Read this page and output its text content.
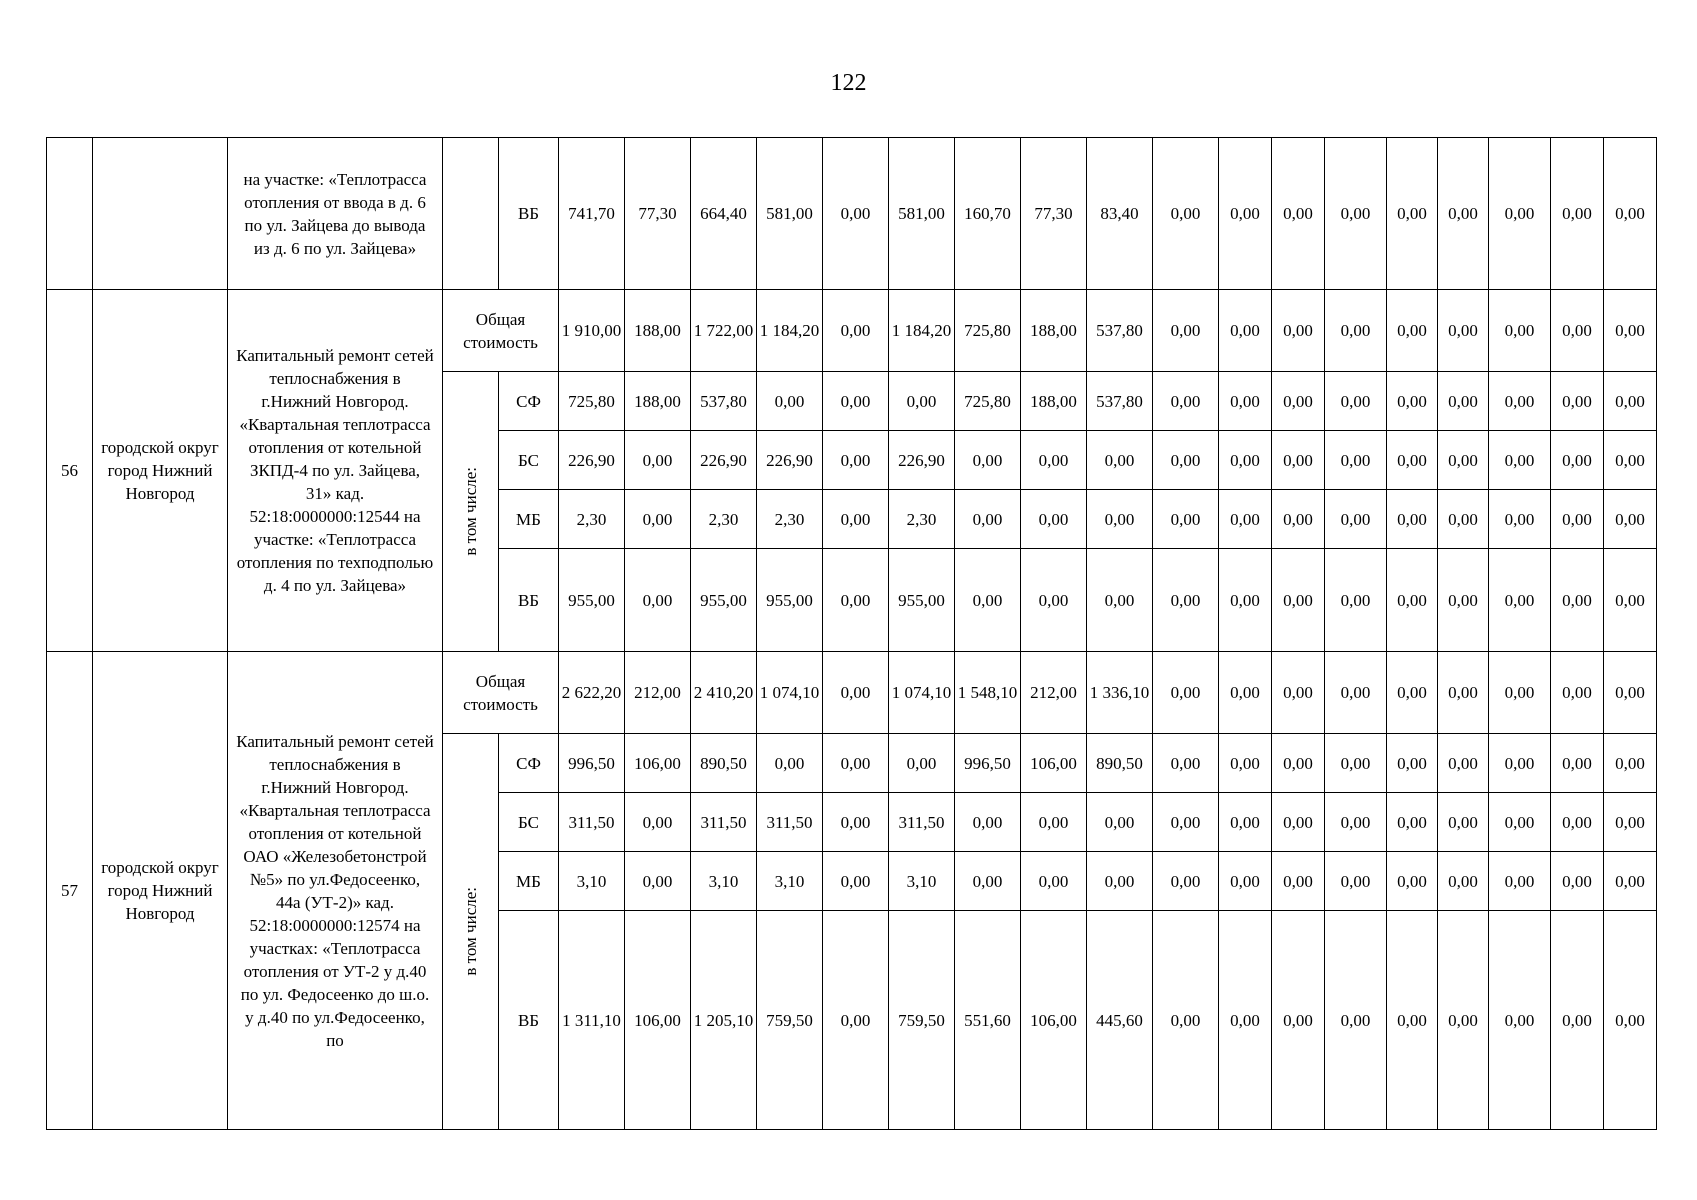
122
		на участке: «Теплотрасса отопления от ввода в д. 6 по ул. Зайцева до вывода из д. 6 по ул. Зайцева»		ВБ	741,70	77,30	664,40	581,00	0,00	581,00	160,70	77,30	83,40	0,00	0,00	0,00	0,00	0,00	0,00	0,00	0,00	0,00
56	городской округ город Нижний Новгород	Капитальный ремонт сетей теплоснабжения в г.Нижний Новгород. «Квартальная теплотрасса отопления от котельной ЗКПД-4 по ул. Зайцева, 31» кад. 52:18:0000000:12544 на участке: «Теплотрасса отопления по техподполью д. 4 по ул. Зайцева»	Общая стоимость		1 910,00	188,00	1 722,00	1 184,20	0,00	1 184,20	725,80	188,00	537,80	0,00	0,00	0,00	0,00	0,00	0,00	0,00	0,00	0,00

			в том числе:	СФ	725,80	188,00	537,80	0,00	0,00	0,00	725,80	188,00	537,80	0,00	0,00	0,00	0,00	0,00	0,00	0,00	0,00	0,00
				БС	226,90	0,00	226,90	226,90	0,00	226,90	0,00	0,00	0,00	0,00	0,00	0,00	0,00	0,00	0,00	0,00	0,00	0,00
				МБ	2,30	0,00	2,30	2,30	0,00	2,30	0,00	0,00	0,00	0,00	0,00	0,00	0,00	0,00	0,00	0,00	0,00	0,00
				ВБ	955,00	0,00	955,00	955,00	0,00	955,00	0,00	0,00	0,00	0,00	0,00	0,00	0,00	0,00	0,00	0,00	0,00	0,00
57	городской округ город Нижний Новгород	Капитальный ремонт сетей теплоснабжения в г.Нижний Новгород. «Квартальная теплотрасса отопления от котельной ОАО «Железобетонстрой №5» по ул.Федосеенко, 44а (УТ-2)» кад. 52:18:0000000:12574 на участках: «Теплотрасса отопления от УТ-2 у д.40 по ул. Федосеенко до ш.о. у д.40 по ул.Федосеенко, по	Общая стоимость		2 622,20	212,00	2 410,20	1 074,10	0,00	1 074,10	1 548,10	212,00	1 336,10	0,00	0,00	0,00	0,00	0,00	0,00	0,00	0,00	0,00

			в том числе:	СФ	996,50	106,00	890,50	0,00	0,00	0,00	996,50	106,00	890,50	0,00	0,00	0,00	0,00	0,00	0,00	0,00	0,00	0,00
				БС	311,50	0,00	311,50	311,50	0,00	311,50	0,00	0,00	0,00	0,00	0,00	0,00	0,00	0,00	0,00	0,00	0,00	0,00
				МБ	3,10	0,00	3,10	3,10	0,00	3,10	0,00	0,00	0,00	0,00	0,00	0,00	0,00	0,00	0,00	0,00	0,00	0,00
				ВБ	1 311,10	106,00	1 205,10	759,50	0,00	759,50	551,60	106,00	445,60	0,00	0,00	0,00	0,00	0,00	0,00	0,00	0,00	0,00
